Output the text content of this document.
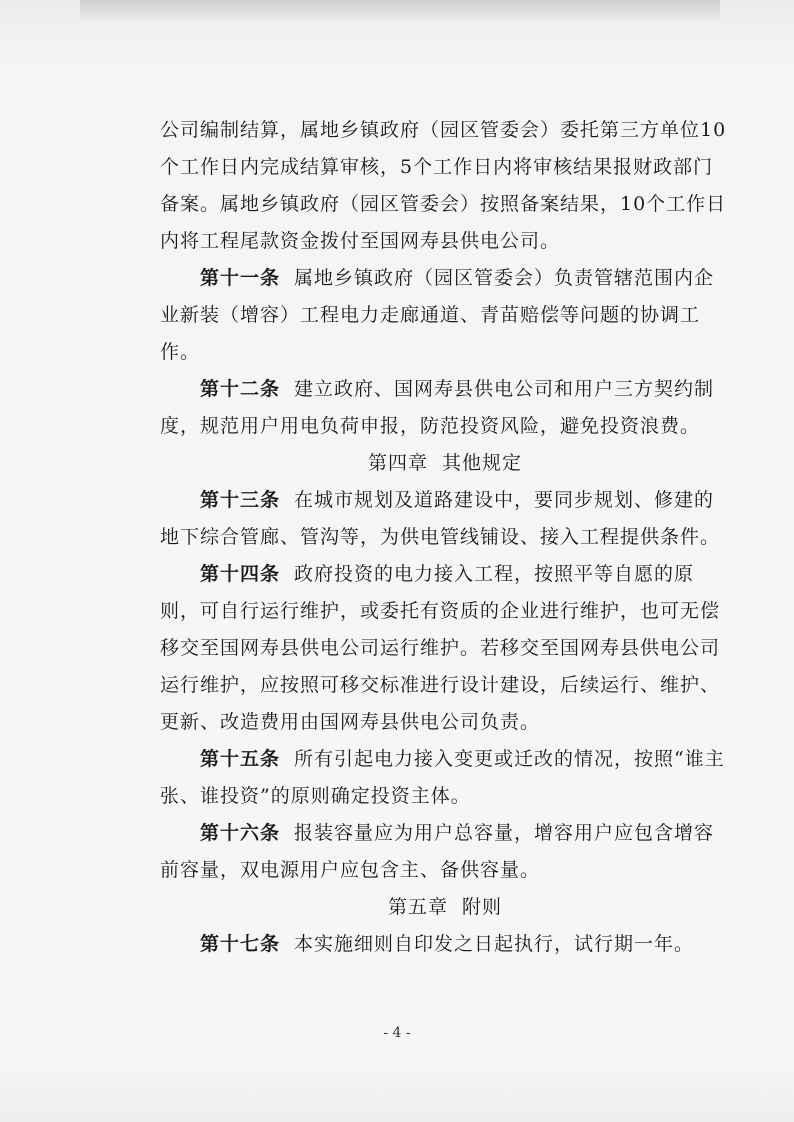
公司编制结算，属地乡镇政府（园区管委会）委托第三方单位10个工作日内完成结算审核，5个工作日内将审核结果报财政部门备案。属地乡镇政府（园区管委会）按照备案结果，10个工作日内将工程尾款资金拨付至国网寿县供电公司。

第十一条 属地乡镇政府（园区管委会）负责管辖范围内企业新装（增容）工程电力走廊通道、青苗赔偿等问题的协调工作。

第十二条 建立政府、国网寿县供电公司和用户三方契约制度，规范用户用电负荷申报，防范投资风险，避免投资浪费。

第四章 其他规定

第十三条 在城市规划及道路建设中，要同步规划、修建的地下综合管廊、管沟等，为供电管线铺设、接入工程提供条件。

第十四条 政府投资的电力接入工程，按照平等自愿的原则，可自行运行维护，或委托有资质的企业进行维护，也可无偿移交至国网寿县供电公司运行维护。若移交至国网寿县供电公司运行维护，应按照可移交标准进行设计建设，后续运行、维护、更新、改造费用由国网寿县供电公司负责。

第十五条 所有引起电力接入变更或迁改的情况，按照“谁主张、谁投资”的原则确定投资主体。

第十六条 报装容量应为用户总容量，增容用户应包含增容前容量，双电源用户应包含主、备供容量。

第五章 附则

第十七条 本实施细则自印发之日起执行，试行期一年。

- 4 -
